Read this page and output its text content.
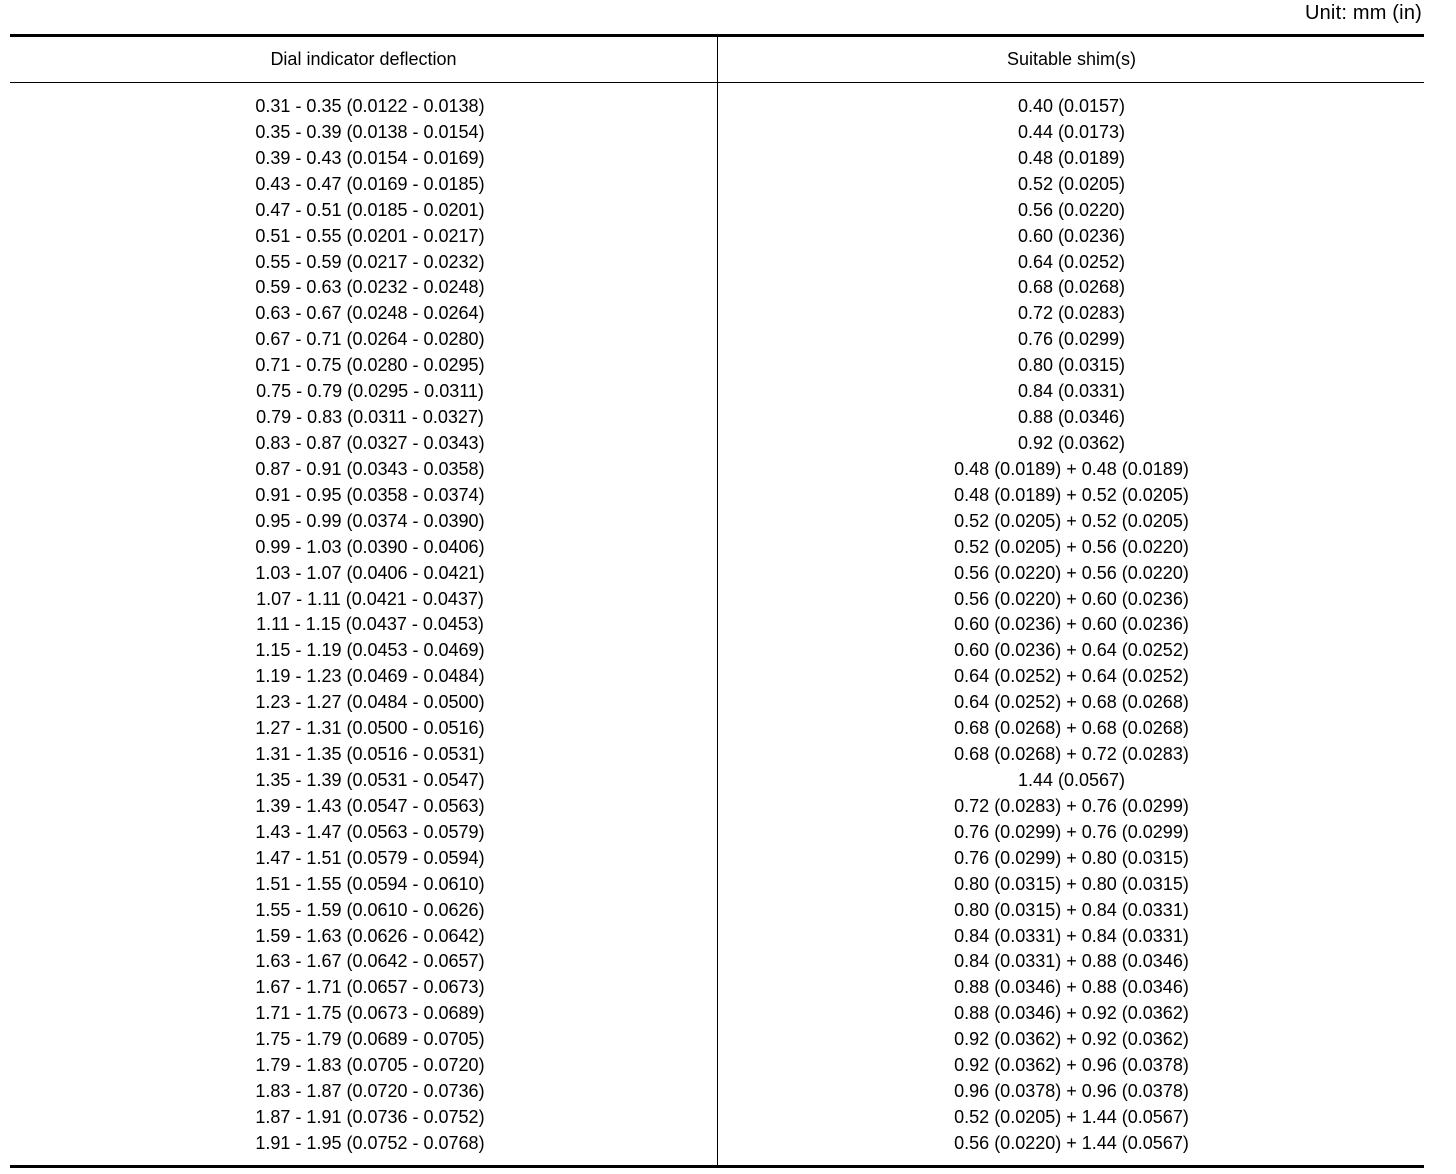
Unit: mm (in)
Dial indicator deflection	Suitable shim(s)
0.31 - 0.35 (0.0122 - 0.0138)
0.35 - 0.39 (0.0138 - 0.0154)
0.39 - 0.43 (0.0154 - 0.0169)
0.43 - 0.47 (0.0169 - 0.0185)
0.47 - 0.51 (0.0185 - 0.0201)
0.51 - 0.55 (0.0201 - 0.0217)
0.55 - 0.59 (0.0217 - 0.0232)
0.59 - 0.63 (0.0232 - 0.0248)
0.63 - 0.67 (0.0248 - 0.0264)
0.67 - 0.71 (0.0264 - 0.0280)
0.71 - 0.75 (0.0280 - 0.0295)
0.75 - 0.79 (0.0295 - 0.0311)
0.79 - 0.83 (0.0311 - 0.0327)
0.83 - 0.87 (0.0327 - 0.0343)
0.87 - 0.91 (0.0343 - 0.0358)
0.91 - 0.95 (0.0358 - 0.0374)
0.95 - 0.99 (0.0374 - 0.0390)
0.99 - 1.03 (0.0390 - 0.0406)
1.03 - 1.07 (0.0406 - 0.0421)
1.07 - 1.11 (0.0421 - 0.0437)
1.11 - 1.15 (0.0437 - 0.0453)
1.15 - 1.19 (0.0453 - 0.0469)
1.19 - 1.23 (0.0469 - 0.0484)
1.23 - 1.27 (0.0484 - 0.0500)
1.27 - 1.31 (0.0500 - 0.0516)
1.31 - 1.35 (0.0516 - 0.0531)
1.35 - 1.39 (0.0531 - 0.0547)
1.39 - 1.43 (0.0547 - 0.0563)
1.43 - 1.47 (0.0563 - 0.0579)
1.47 - 1.51 (0.0579 - 0.0594)
1.51 - 1.55 (0.0594 - 0.0610)
1.55 - 1.59 (0.0610 - 0.0626)
1.59 - 1.63 (0.0626 - 0.0642)
1.63 - 1.67 (0.0642 - 0.0657)
1.67 - 1.71 (0.0657 - 0.0673)
1.71 - 1.75 (0.0673 - 0.0689)
1.75 - 1.79 (0.0689 - 0.0705)
1.79 - 1.83 (0.0705 - 0.0720)
1.83 - 1.87 (0.0720 - 0.0736)
1.87 - 1.91 (0.0736 - 0.0752)
1.91 - 1.95 (0.0752 - 0.0768)
0.40 (0.0157)
0.44 (0.0173)
0.48 (0.0189)
0.52 (0.0205)
0.56 (0.0220)
0.60 (0.0236)
0.64 (0.0252)
0.68 (0.0268)
0.72 (0.0283)
0.76 (0.0299)
0.80 (0.0315)
0.84 (0.0331)
0.88 (0.0346)
0.92 (0.0362)
0.48 (0.0189) + 0.48 (0.0189)
0.48 (0.0189) + 0.52 (0.0205)
0.52 (0.0205) + 0.52 (0.0205)
0.52 (0.0205) + 0.56 (0.0220)
0.56 (0.0220) + 0.56 (0.0220)
0.56 (0.0220) + 0.60 (0.0236)
0.60 (0.0236) + 0.60 (0.0236)
0.60 (0.0236) + 0.64 (0.0252)
0.64 (0.0252) + 0.64 (0.0252)
0.64 (0.0252) + 0.68 (0.0268)
0.68 (0.0268) + 0.68 (0.0268)
0.68 (0.0268) + 0.72 (0.0283)
1.44 (0.0567)
0.72 (0.0283) + 0.76 (0.0299)
0.76 (0.0299) + 0.76 (0.0299)
0.76 (0.0299) + 0.80 (0.0315)
0.80 (0.0315) + 0.80 (0.0315)
0.80 (0.0315) + 0.84 (0.0331)
0.84 (0.0331) + 0.84 (0.0331)
0.84 (0.0331) + 0.88 (0.0346)
0.88 (0.0346) + 0.88 (0.0346)
0.88 (0.0346) + 0.92 (0.0362)
0.92 (0.0362) + 0.92 (0.0362)
0.92 (0.0362) + 0.96 (0.0378)
0.96 (0.0378) + 0.96 (0.0378)
0.52 (0.0205) + 1.44 (0.0567)
0.56 (0.0220) + 1.44 (0.0567)
